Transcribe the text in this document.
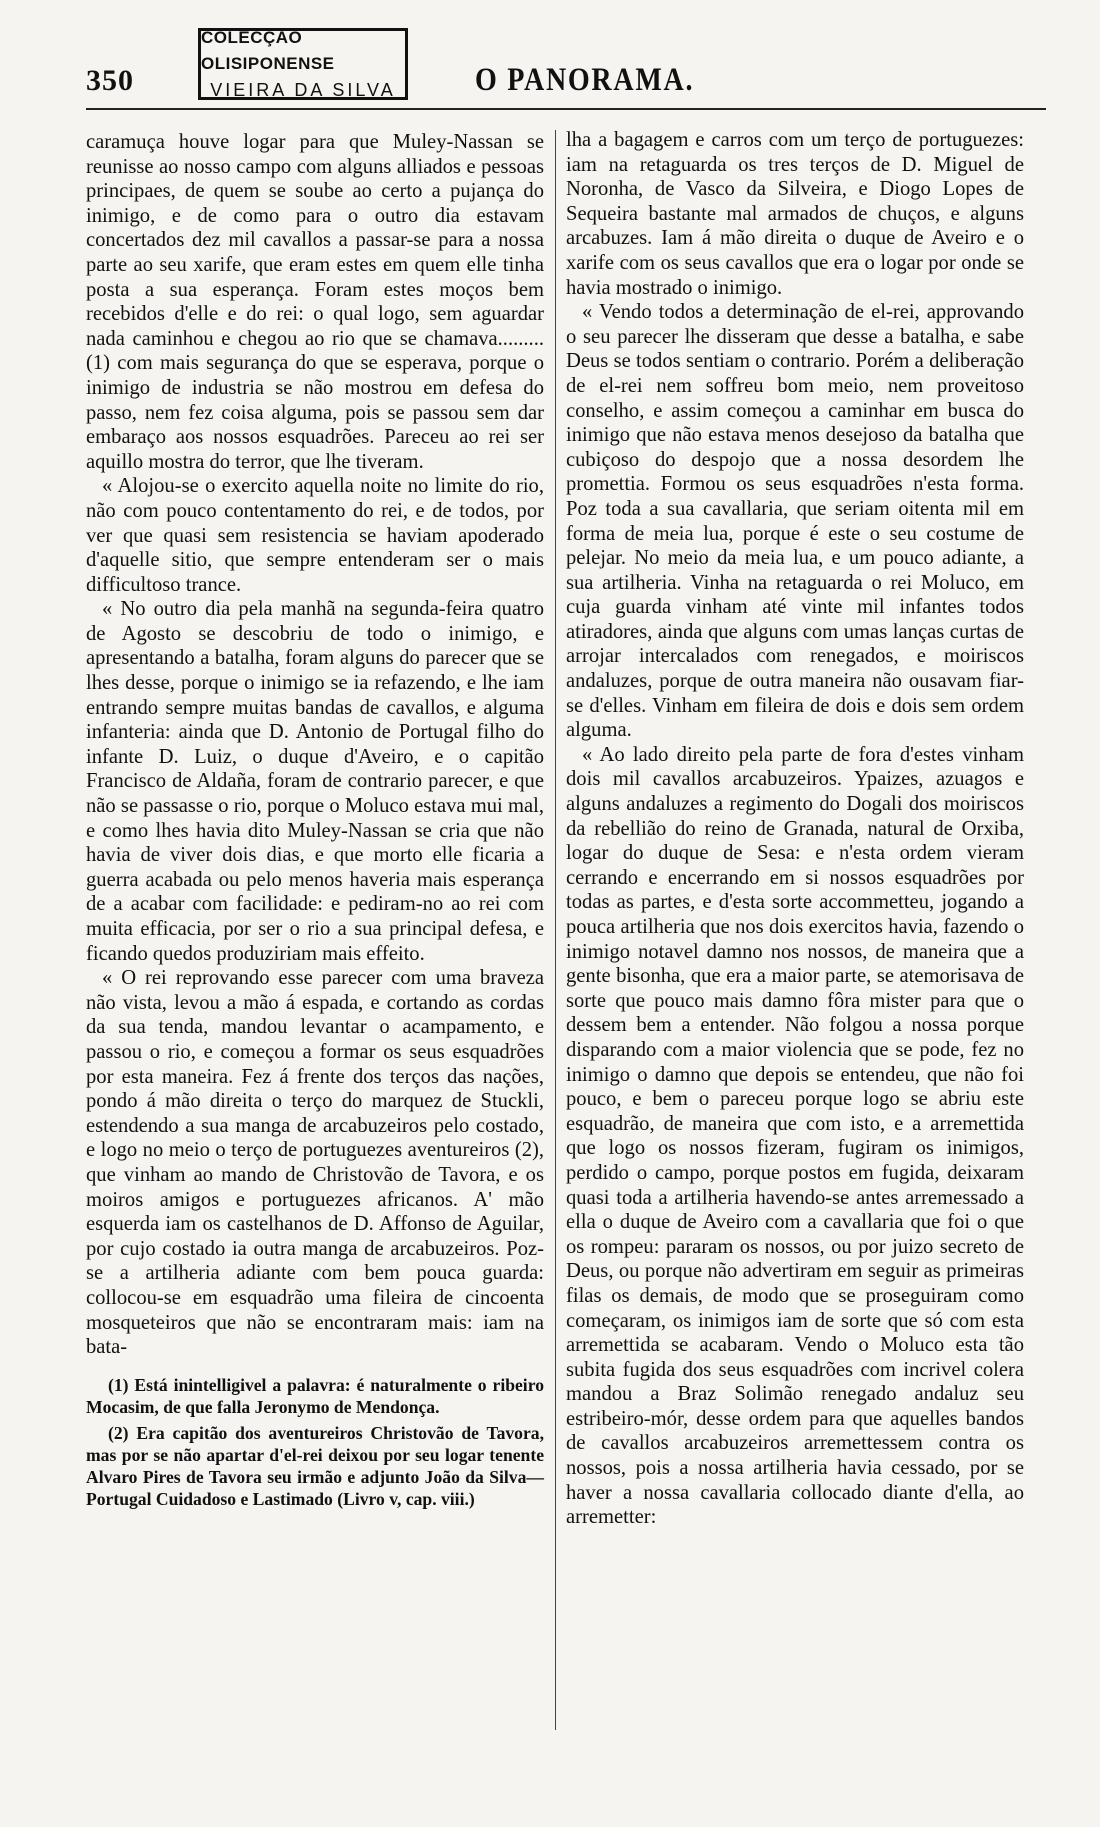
350
COLECÇÃO OLISIPONENSE
VIEIRA DA SILVA O PANORAMA.

caramuça houve logar para que Muley-Nassan se reunisse ao nosso campo com alguns alliados e pessoas principaes, de quem se soube ao certo a pujança do inimigo, e de como para o outro dia estavam concertados dez mil cavallos a passar-se para a nossa parte ao seu xarife, que eram estes em quem elle tinha posta a sua esperança. Foram estes moços bem recebidos d'elle e do rei: o qual logo, sem aguardar nada caminhou e chegou ao rio que se chamava.........(1) com mais segurança do que se esperava, porque o inimigo de industria se não mostrou em defesa do passo, nem fez coisa alguma, pois se passou sem dar embaraço aos nossos esquadrões. Pareceu ao rei ser aquillo mostra do terror, que lhe tiveram.

« Alojou-se o exercito aquella noite no limite do rio, não com pouco contentamento do rei, e de todos, por ver que quasi sem resistencia se haviam apoderado d'aquelle sitio, que sempre entenderam ser o mais difficultoso trance.

« No outro dia pela manhã na segunda-feira quatro de Agosto se descobriu de todo o inimigo, e apresentando a batalha, foram alguns do parecer que se lhes desse, porque o inimigo se ia refazendo, e lhe iam entrando sempre muitas bandas de cavallos, e alguma infanteria: ainda que D. Antonio de Portugal filho do infante D. Luiz, o duque d'Aveiro, e o capitão Francisco de Aldaña, foram de contrario parecer, e que não se passasse o rio, porque o Moluco estava mui mal, e como lhes havia dito Muley-Nassan se cria que não havia de viver dois dias, e que morto elle ficaria a guerra acabada ou pelo menos haveria mais esperança de a acabar com facilidade: e pediram-no ao rei com muita efficacia, por ser o rio a sua principal defesa, e ficando quedos produziriam mais effeito.

« O rei reprovando esse parecer com uma braveza não vista, levou a mão á espada, e cortando as cordas da sua tenda, mandou levantar o acampamento, e passou o rio, e começou a formar os seus esquadrões por esta maneira. Fez á frente dos terços das nações, pondo á mão direita o terço do marquez de Stuckli, estendendo a sua manga de arcabuzeiros pelo costado, e logo no meio o terço de portuguezes aventureiros (2), que vinham ao mando de Christovão de Tavora, e os moiros amigos e portuguezes africanos. A' mão esquerda iam os castelhanos de D. Affonso de Aguilar, por cujo costado ia outra manga de arcabuzeiros. Poz-se a artilheria adiante com bem pouca guarda: collocou-se em esquadrão uma fileira de cincoenta mosqueteiros que não se encontraram mais: iam na bata-

(1) Está inintelligivel a palavra: é naturalmente o ribeiro Mocasim, de que falla Jeronymo de Mendonça.

(2) Era capitão dos aventureiros Christovão de Tavora, mas por se não apartar d'el-rei deixou por seu logar tenente Alvaro Pires de Tavora seu irmão e adjunto João da Silva—Portugal Cuidadoso e Lastimado (Livro v, cap. viii.)

lha a bagagem e carros com um terço de portuguezes: iam na retaguarda os tres terços de D. Miguel de Noronha, de Vasco da Silveira, e Diogo Lopes de Sequeira bastante mal armados de chuços, e alguns arcabuzes. Iam á mão direita o duque de Aveiro e o xarife com os seus cavallos que era o logar por onde se havia mostrado o inimigo.

« Vendo todos a determinação de el-rei, approvando o seu parecer lhe disseram que desse a batalha, e sabe Deus se todos sentiam o contrario. Porém a deliberação de el-rei nem soffreu bom meio, nem proveitoso conselho, e assim começou a caminhar em busca do inimigo que não estava menos desejoso da batalha que cubiçoso do despojo que a nossa desordem lhe promettia. Formou os seus esquadrões n'esta forma. Poz toda a sua cavallaria, que seriam oitenta mil em forma de meia lua, porque é este o seu costume de pelejar. No meio da meia lua, e um pouco adiante, a sua artilheria. Vinha na retaguarda o rei Moluco, em cuja guarda vinham até vinte mil infantes todos atiradores, ainda que alguns com umas lanças curtas de arrojar intercalados com renegados, e moiriscos andaluzes, porque de outra maneira não ousavam fiar-se d'elles. Vinham em fileira de dois e dois sem ordem alguma.

« Ao lado direito pela parte de fora d'estes vinham dois mil cavallos arcabuzeiros. Ypaizes, azuagos e alguns andaluzes a regimento do Dogali dos moiriscos da rebellião do reino de Granada, natural de Orxiba, logar do duque de Sesa: e n'esta ordem vieram cerrando e encerrando em si nossos esquadrões por todas as partes, e d'esta sorte accommetteu, jogando a pouca artilheria que nos dois exercitos havia, fazendo o inimigo notavel damno nos nossos, de maneira que a gente bisonha, que era a maior parte, se atemorisava de sorte que pouco mais damno fôra mister para que o dessem bem a entender. Não folgou a nossa porque disparando com a maior violencia que se pode, fez no inimigo o damno que depois se entendeu, que não foi pouco, e bem o pareceu porque logo se abriu este esquadrão, de maneira que com isto, e a arremettida que logo os nossos fizeram, fugiram os inimigos, perdido o campo, porque postos em fugida, deixaram quasi toda a artilheria havendo-se antes arremessado a ella o duque de Aveiro com a cavallaria que foi o que os rompeu: pararam os nossos, ou por juizo secreto de Deus, ou porque não advertiram em seguir as primeiras filas os demais, de modo que se proseguiram como começaram, os inimigos iam de sorte que só com esta arremettida se acabaram. Vendo o Moluco esta tão subita fugida dos seus esquadrões com incrivel colera mandou a Braz Solimão renegado andaluz seu estribeiro-mór, desse ordem para que aquelles bandos de cavallos arcabuzeiros arremettessem contra os nossos, pois a nossa artilheria havia cessado, por se haver a nossa cavallaria collocado diante d'ella, ao arremetter:
